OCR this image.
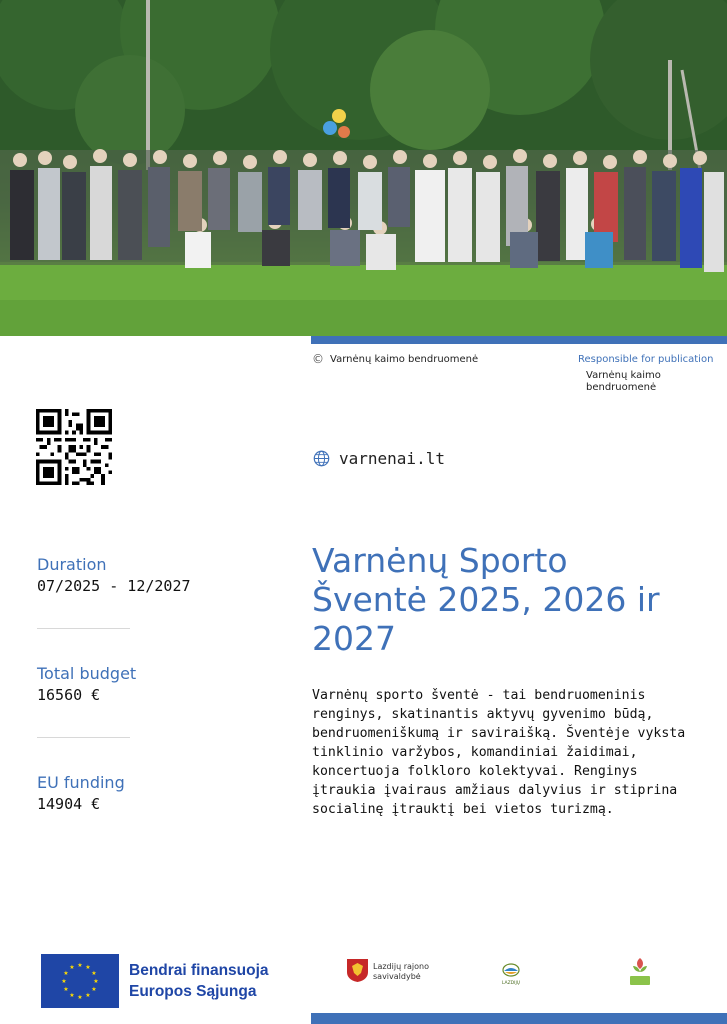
© Varnėnų kaimo bendruomenė	Responsible for publication
Varnėnų kaimo bendruomenė
varnenai.lt
Duration
07/2025 - 12/2027
Total budget
16560 €
EU funding
14904 €
Varnėnų Sporto Šventė 2025, 2026 ir 2027
Varnėnų sporto šventė - tai bendruomeninis renginys, skatinantis aktyvų gyvenimo būdą, bendruomeniškumą ir saviraišką. Šventėje vyksta tinklinio varžybos, komandiniai žaidimai, koncertuoja folkloro kolektyvai. Renginys įtraukia įvairaus amžiaus dalyvius ir stiprina socialinę įtrauktį bei vietos turizmą.
★ ★
★
★
★
★
★
★
★
★
★
★	Bendrai finansuoja
Europos Sąjunga
Lazdijų rajono
savivaldybė
LAZDIJŲ
